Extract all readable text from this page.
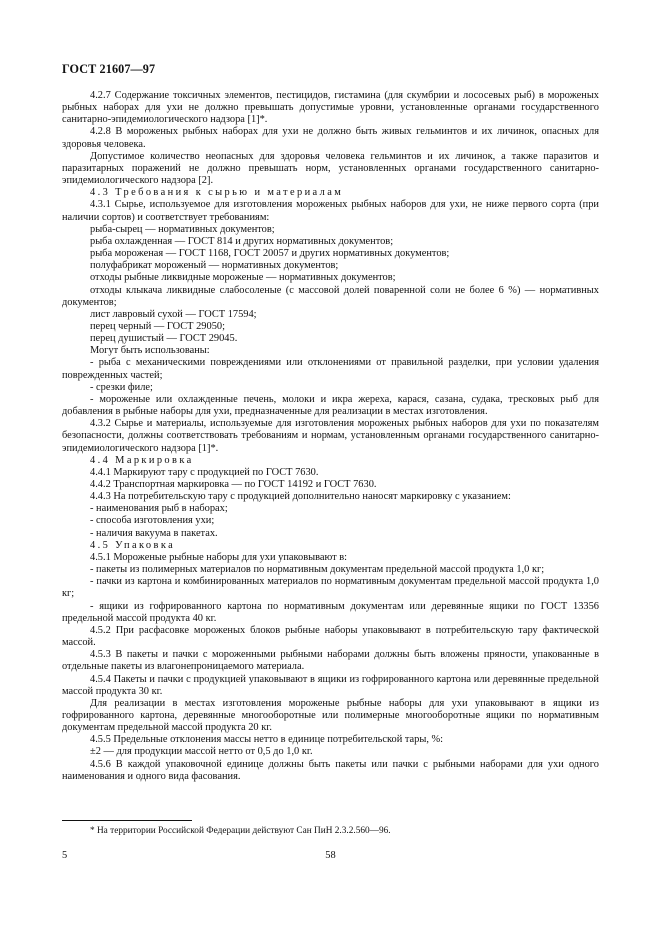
ГОСТ 21607—97

4.2.7 Содержание токсичных элементов, пестицидов, гистамина (для скумбрии и лососевых рыб) в мороженых рыбных наборах для ухи не должно превышать допустимые уровни, установленные органами государственного санитарно-эпидемиологического надзора [1]*.

4.2.8 В мороженых рыбных наборах для ухи не должно быть живых гельминтов и их личинок, опасных для здоровья человека.

Допустимое количество неопасных для здоровья человека гельминтов и их личинок, а также паразитов и паразитарных поражений не должно превышать норм, установленных органами государственного санитарно-эпидемиологического надзора [2].

4.3 Требования к сырью и материалам

4.3.1 Сырье, используемое для изготовления мороженых рыбных наборов для ухи, не ниже первого сорта (при наличии сортов) и соответствует требованиям:

рыба-сырец — нормативных документов;

рыба охлажденная — ГОСТ 814 и других нормативных документов;

рыба мороженая — ГОСТ 1168, ГОСТ 20057 и других нормативных документов;

полуфабрикат мороженый — нормативных документов;

отходы рыбные ликвидные мороженые — нормативных документов;

отходы клыкача ликвидные слабосоленые (с массовой долей поваренной соли не более 6 %) — нормативных документов;

лист лавровый сухой — ГОСТ 17594;

перец черный — ГОСТ 29050;

перец душистый — ГОСТ 29045.

Могут быть использованы:

- рыба с механическими повреждениями или отклонениями от правильной разделки, при условии удаления поврежденных частей;

- срезки филе;

- мороженые или охлажденные печень, молоки и икра жереха, карася, сазана, судака, тресковых рыб для добавления в рыбные наборы для ухи, предназначенные для реализации в местах изготовления.

4.3.2 Сырье и материалы, используемые для изготовления мороженых рыбных наборов для ухи по показателям безопасности, должны соответствовать требованиям и нормам, установленным органами государственного санитарно-эпидемиологического надзора [1]*.

4.4 Маркировка

4.4.1 Маркируют тару с продукцией по ГОСТ 7630.

4.4.2 Транспортная маркировка — по ГОСТ 14192 и ГОСТ 7630.

4.4.3 На потребительскую тару с продукцией дополнительно наносят маркировку с указанием:

- наименования рыб в наборах;

- способа изготовления ухи;

- наличия вакуума в пакетах.

4.5 Упаковка

4.5.1 Мороженые рыбные наборы для ухи упаковывают в:

- пакеты из полимерных материалов по нормативным документам предельной массой продукта 1,0 кг;

- пачки из картона и комбинированных материалов по нормативным документам предельной массой продукта 1,0 кг;

- ящики из гофрированного картона по нормативным документам или деревянные ящики по ГОСТ 13356 предельной массой продукта 40 кг.

4.5.2 При расфасовке мороженых блоков рыбные наборы упаковывают в потребительскую тару фактической массой.

4.5.3 В пакеты и пачки с мороженными рыбными наборами должны быть вложены пряности, упакованные в отдельные пакеты из влагонепроницаемого материала.

4.5.4 Пакеты и пачки с продукцией упаковывают в ящики из гофрированного картона или деревянные предельной массой продукта 30 кг.

Для реализации в местах изготовления мороженые рыбные наборы для ухи упаковывают в ящики из гофрированного картона, деревянные многооборотные или полимерные многооборотные ящики по нормативным документам предельной массой продукта 20 кг.

4.5.5 Предельные отклонения массы нетто в единице потребительской тары, %:

±2 — для продукции массой нетто от 0,5 до 1,0 кг.

4.5.6 В каждой упаковочной единице должны быть пакеты или пачки с рыбными наборами для ухи одного наименования и одного вида фасования.

* На территории Российской Федерации действуют Сан ПиН 2.3.2.560—96.
5	58
